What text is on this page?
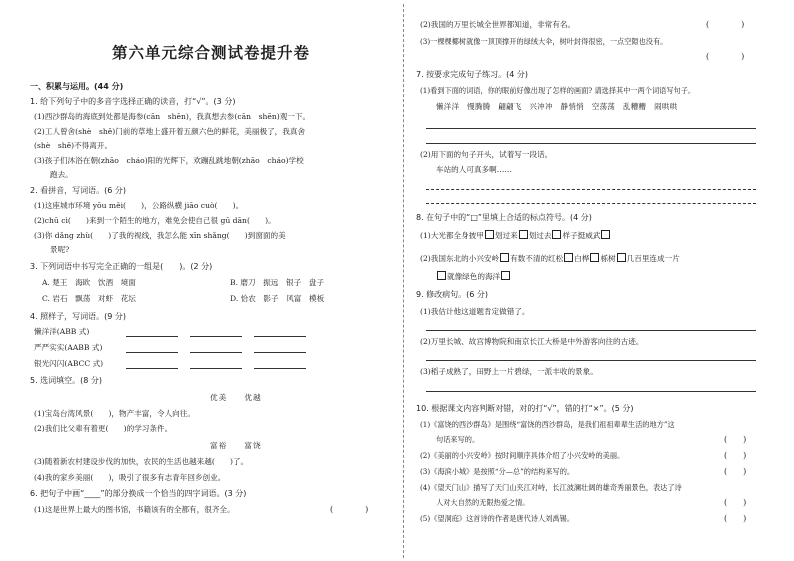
第六单元综合测试卷提升卷
一、积累与运用。(44 分)
1. 给下列句子中的多音字选择正确的读音，打“√”。(3 分)
(1)西沙群岛的海底到处都是海参(cān　shēn)，我真想去参(cān　shēn)观一下。
(2)工人曾舍(shè　shě)门前的草地上盛开着五颜六色的鲜花，美丽极了，我真舍
(shè　shě)不得离开。
(3)孩子们沐浴在朝(zhāo　cháo)阳的光辉下，欢蹦乱跳地朝(zhāo　cháo)学校
跑去。
2. 看拼音，写词语。(6 分)
(1)这座城市环境 yōu měi(　　)，公路纵横 jiāo cuò(　　)。
(2)chū cì(　　)来到一个陌生的地方，难免会使自己很 gū dān(　　)。
(3)你 dǎng zhù(　　)了我的视线，我怎么能 xīn shǎng(　　)到窗面的美
景呢?
3. 下列词语中书写完全正确的一组是(　　)。(2 分)
A. 楚王　海欧　饮酒　境面	B. 磨刀　振远　银子　盘子
C. 岩石　飘荡　对虾　花坛	D. 恰农　影子　风富　模板
4. 照样子，写词语。(9 分)
懒洋洋(ABB 式)
严严实实(AABB 式)
银光闪闪(ABCC 式)
5. 选词填空。(8 分)
优美　　优越
(1)宝岛台湾风景(　　)，物产丰富，令人向往。
(2)我们比父辈有着更(　　)的学习条件。
富裕　　富饶
(3)随着新农村建设步伐的加快，农民的生活也越来越(　　)了。
(4)我的家乡美丽(　　)，吸引了很多有志青年回乡创业。
6. 把句子中画“____”的部分换成一个恰当的四字词语。(3 分)
(1)这是世界上最大的图书馆，书籍该有的全都有，很齐全。	(　　　　)
(2)我国的万里长城全世界都知道，非常有名。	(　　　　)
(3)一棵棵椰树就像一顶顶撑开的绿绒大伞，树叶封得很密，一点空隙也没有。
(　　　　)
7. 按要求完成句子练习。(4 分)
(1)看到下面的词语，你的眼前好像出现了怎样的画面? 请选择其中一两个词语写句子。
懒洋洋　慢腾腾　翩翩飞　兴冲冲　静悄悄　空荡荡　乱糟糟　闹哄哄
(2)用下面的句子开头，试着写一段话。
车站的人可真多啊……
8. 在句子中的“□”里填上合适的标点符号。(4 分)
(1)大光都全身披甲 划过来 划过去 样子挺威武
(2)我国东北的小兴安岭 有数不清的红松 白桦 栎树 几百里连成一片
就像绿色的海洋
9. 修改病句。(6 分)
(1)我估计他这道题肯定做错了。
(2)万里长城、故宫博物院和南京长江大桥是中外游客向往的古迹。
(3)稻子成熟了，田野上一片碧绿，一派丰收的景象。
10. 根据课文内容判断对错，对的打“√”，错的打“×”。(5 分)
(1)《富饶的西沙群岛》是围绕“富饶的西沙群岛，是我们祖祖辈辈生活的地方”这
句话来写的。	(　　)
(2)《美丽的小兴安岭》按时间顺序具体介绍了小兴安岭的美丽。	(　　)
(3)《海滨小城》是按照“分—总”的结构来写的。	(　　)
(4)《望天门山》描写了天门山夹江对峙，长江波澜壮阔的雄奇秀丽景色，表达了诗
人对大自然的无限热爱之情。	(　　)
(5)《望洞庭》这首诗的作者是唐代诗人刘禹锡。	(　　)
